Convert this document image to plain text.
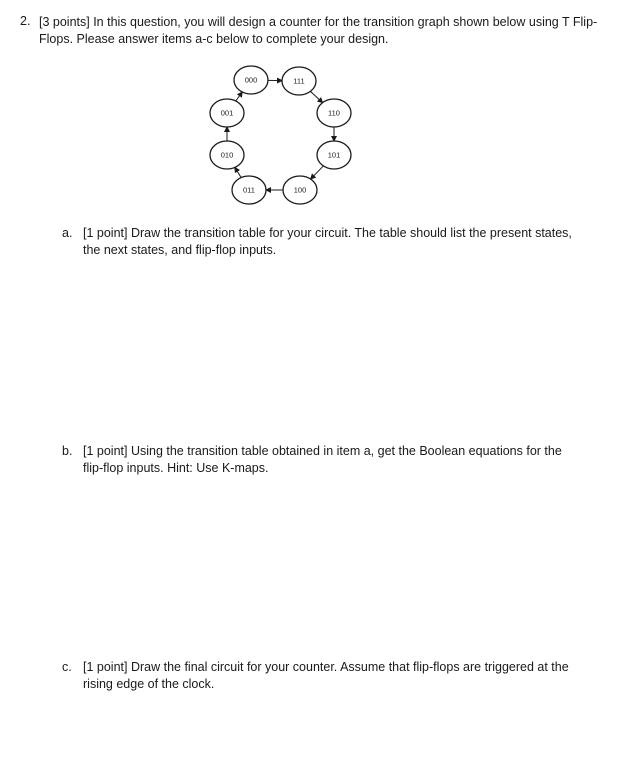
2. [3 points] In this question, you will design a counter for the transition graph shown below using T Flip-Flops. Please answer items a-c below to complete your design.
000	111
110
101
100
011
010
001
a. [1 point] Draw the transition table for your circuit. The table should list the present states, the next states, and flip-flop inputs.
b. [1 point] Using the transition table obtained in item a, get the Boolean equations for the flip-flop inputs. Hint: Use K-maps.
c. [1 point] Draw the final circuit for your counter. Assume that flip-flops are triggered at the rising edge of the clock.
